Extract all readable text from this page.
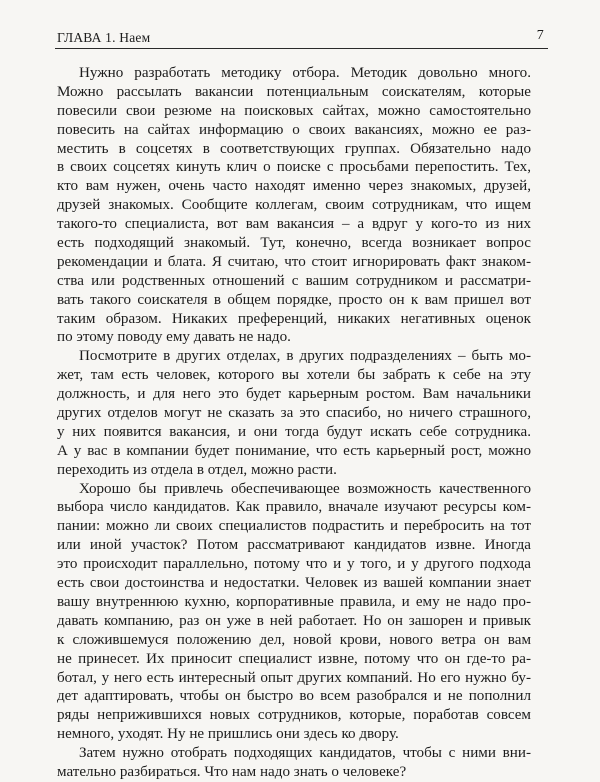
ГЛАВА 1. Наем	7
Нужно разработать методику отбора. Методик довольно много.
Можно рассылать вакансии потенциальным соискателям, которые
повесили свои резюме на поисковых сайтах, можно самостоятельно
повесить на сайтах информацию о своих вакансиях, можно ее раз-
местить в соцсетях в соответствующих группах. Обязательно надо
в своих соцсетях кинуть клич о поиске с просьбами перепостить. Тех,
кто вам нужен, очень часто находят именно через знакомых, друзей,
друзей знакомых. Сообщите коллегам, своим сотрудникам, что ищем
такого-то специалиста, вот вам вакансия – а вдруг у кого-то из них
есть подходящий знакомый. Тут, конечно, всегда возникает вопрос
рекомендации и блата. Я считаю, что стоит игнорировать факт знаком-
ства или родственных отношений с вашим сотрудником и рассматри-
вать такого соискателя в общем порядке, просто он к вам пришел вот
таким образом. Никаких преференций, никаких негативных оценок
по этому поводу ему давать не надо.
Посмотрите в других отделах, в других подразделениях – быть мо-
жет, там есть человек, которого вы хотели бы забрать к себе на эту
должность, и для него это будет карьерным ростом. Вам начальники
других отделов могут не сказать за это спасибо, но ничего страшного,
у них появится вакансия, и они тогда будут искать себе сотрудника.
А у вас в компании будет понимание, что есть карьерный рост, можно
переходить из отдела в отдел, можно расти.
Хорошо бы привлечь обеспечивающее возможность качественного
выбора число кандидатов. Как правило, вначале изучают ресурсы ком-
пании: можно ли своих специалистов подрастить и перебросить на тот
или иной участок? Потом рассматривают кандидатов извне. Иногда
это происходит параллельно, потому что и у того, и у другого подхода
есть свои достоинства и недостатки. Человек из вашей компании знает
вашу внутреннюю кухню, корпоративные правила, и ему не надо про-
давать компанию, раз он уже в ней работает. Но он зашорен и привык
к сложившемуся положению дел, новой крови, нового ветра он вам
не принесет. Их приносит специалист извне, потому что он где-то ра-
ботал, у него есть интересный опыт других компаний. Но его нужно бу-
дет адаптировать, чтобы он быстро во всем разобрался и не пополнил
ряды неприжившихся новых сотрудников, которые, поработав совсем
немного, уходят. Ну не пришлись они здесь ко двору.
Затем нужно отобрать подходящих кандидатов, чтобы с ними вни-
мательно разбираться. Что нам надо знать о человеке?
